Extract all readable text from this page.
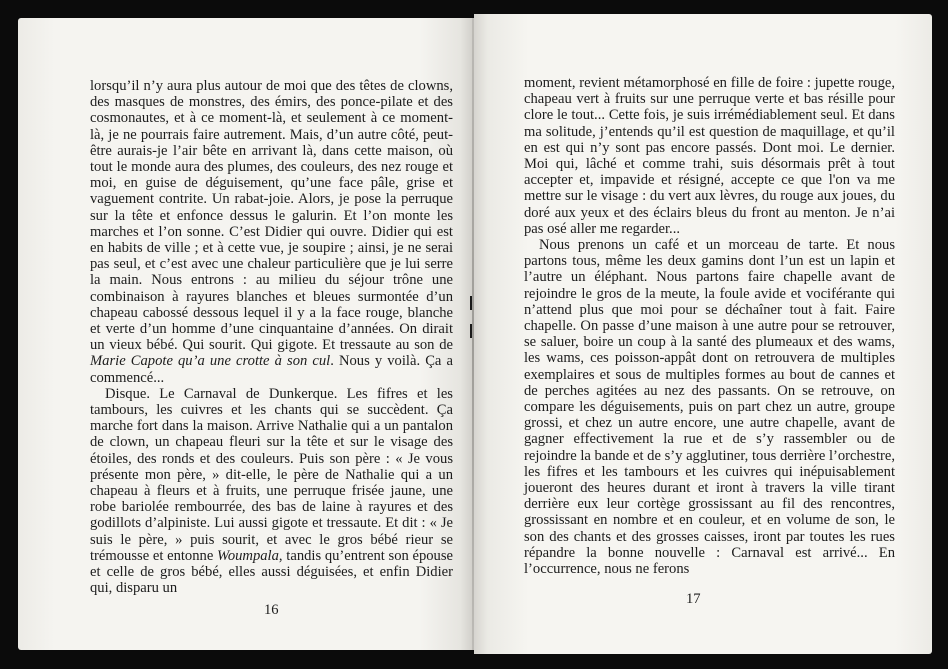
lorsqu’il n’y aura plus autour de moi que des têtes de clowns, des masques de monstres, des émirs, des ponce-pilate et des cosmonautes, et à ce moment-là, et seulement à ce moment-là, je ne pourrais faire autrement. Mais, d’un autre côté, peut-être aurais-je l’air bête en arrivant là, dans cette maison, où tout le monde aura des plumes, des couleurs, des nez rouge et moi, en guise de déguisement, qu’une face pâle, grise et vaguement contrite. Un rabat-joie. Alors, je pose la perruque sur la tête et enfonce dessus le galurin. Et l’on monte les marches et l’on sonne. C’est Didier qui ouvre. Didier qui est en habits de ville ; et à cette vue, je soupire ; ainsi, je ne serai pas seul, et c’est avec une chaleur particulière que je lui serre la main. Nous entrons : au milieu du séjour trône une combinaison à rayures blanches et bleues surmontée d’un chapeau cabossé dessous lequel il y a la face rouge, blanche et verte d’un homme d’une cinquantaine d’années. On dirait un vieux bébé. Qui sourit. Qui gigote. Et tressaute au son de Marie Capote qu’a une crotte à son cul. Nous y voilà. Ça a commencé...

Disque. Le Carnaval de Dunkerque. Les fifres et les tambours, les cuivres et les chants qui se succèdent. Ça marche fort dans la maison. Arrive Nathalie qui a un pantalon de clown, un chapeau fleuri sur la tête et sur le visage des étoiles, des ronds et des couleurs. Puis son père : « Je vous présente mon père, » dit-elle, le père de Nathalie qui a un chapeau à fleurs et à fruits, une perruque frisée jaune, une robe bariolée rembourrée, des bas de laine à rayures et des godillots d’alpiniste. Lui aussi gigote et tressaute. Et dit : « Je suis le père, » puis sourit, et avec le gros bébé rieur se trémousse et entonne Woumpala, tandis qu’entrent son épouse et celle de gros bébé, elles aussi déguisées, et enfin Didier qui, disparu un

16

moment, revient métamorphosé en fille de foire : jupette rouge, chapeau vert à fruits sur une perruque verte et bas résille pour clore le tout... Cette fois, je suis irrémédiablement seul. Et dans ma solitude, j’entends qu’il est question de maquillage, et qu’il en est qui n’y sont pas encore passés. Dont moi. Le dernier. Moi qui, lâché et comme trahi, suis désormais prêt à tout accepter et, impavide et résigné, accepte ce que l'on va me mettre sur le visage : du vert aux lèvres, du rouge aux joues, du doré aux yeux et des éclairs bleus du front au menton. Je n’ai pas osé aller me regarder...

Nous prenons un café et un morceau de tarte. Et nous partons tous, même les deux gamins dont l’un est un lapin et l’autre un éléphant. Nous partons faire chapelle avant de rejoindre le gros de la meute, la foule avide et vociférante qui n’attend plus que moi pour se déchaîner tout à fait. Faire chapelle. On passe d’une maison à une autre pour se retrouver, se saluer, boire un coup à la santé des plumeaux et des wams, les wams, ces poisson-appât dont on retrouvera de multiples exemplaires et sous de multiples formes au bout de cannes et de perches agitées au nez des passants. On se retrouve, on compare les déguisements, puis on part chez un autre, groupe grossi, et chez un autre encore, une autre chapelle, avant de gagner effectivement la rue et de s’y rassembler ou de rejoindre la bande et de s’y agglutiner, tous derrière l’orchestre, les fifres et les tambours et les cuivres qui inépuisablement joueront des heures durant et iront à travers la ville tirant derrière eux leur cortège grossissant au fil des rencontres, grossissant en nombre et en couleur, et en volume de son, le son des chants et des grosses caisses, iront par toutes les rues répandre la bonne nouvelle : Carnaval est arrivé... En l’occurrence, nous ne ferons

17
